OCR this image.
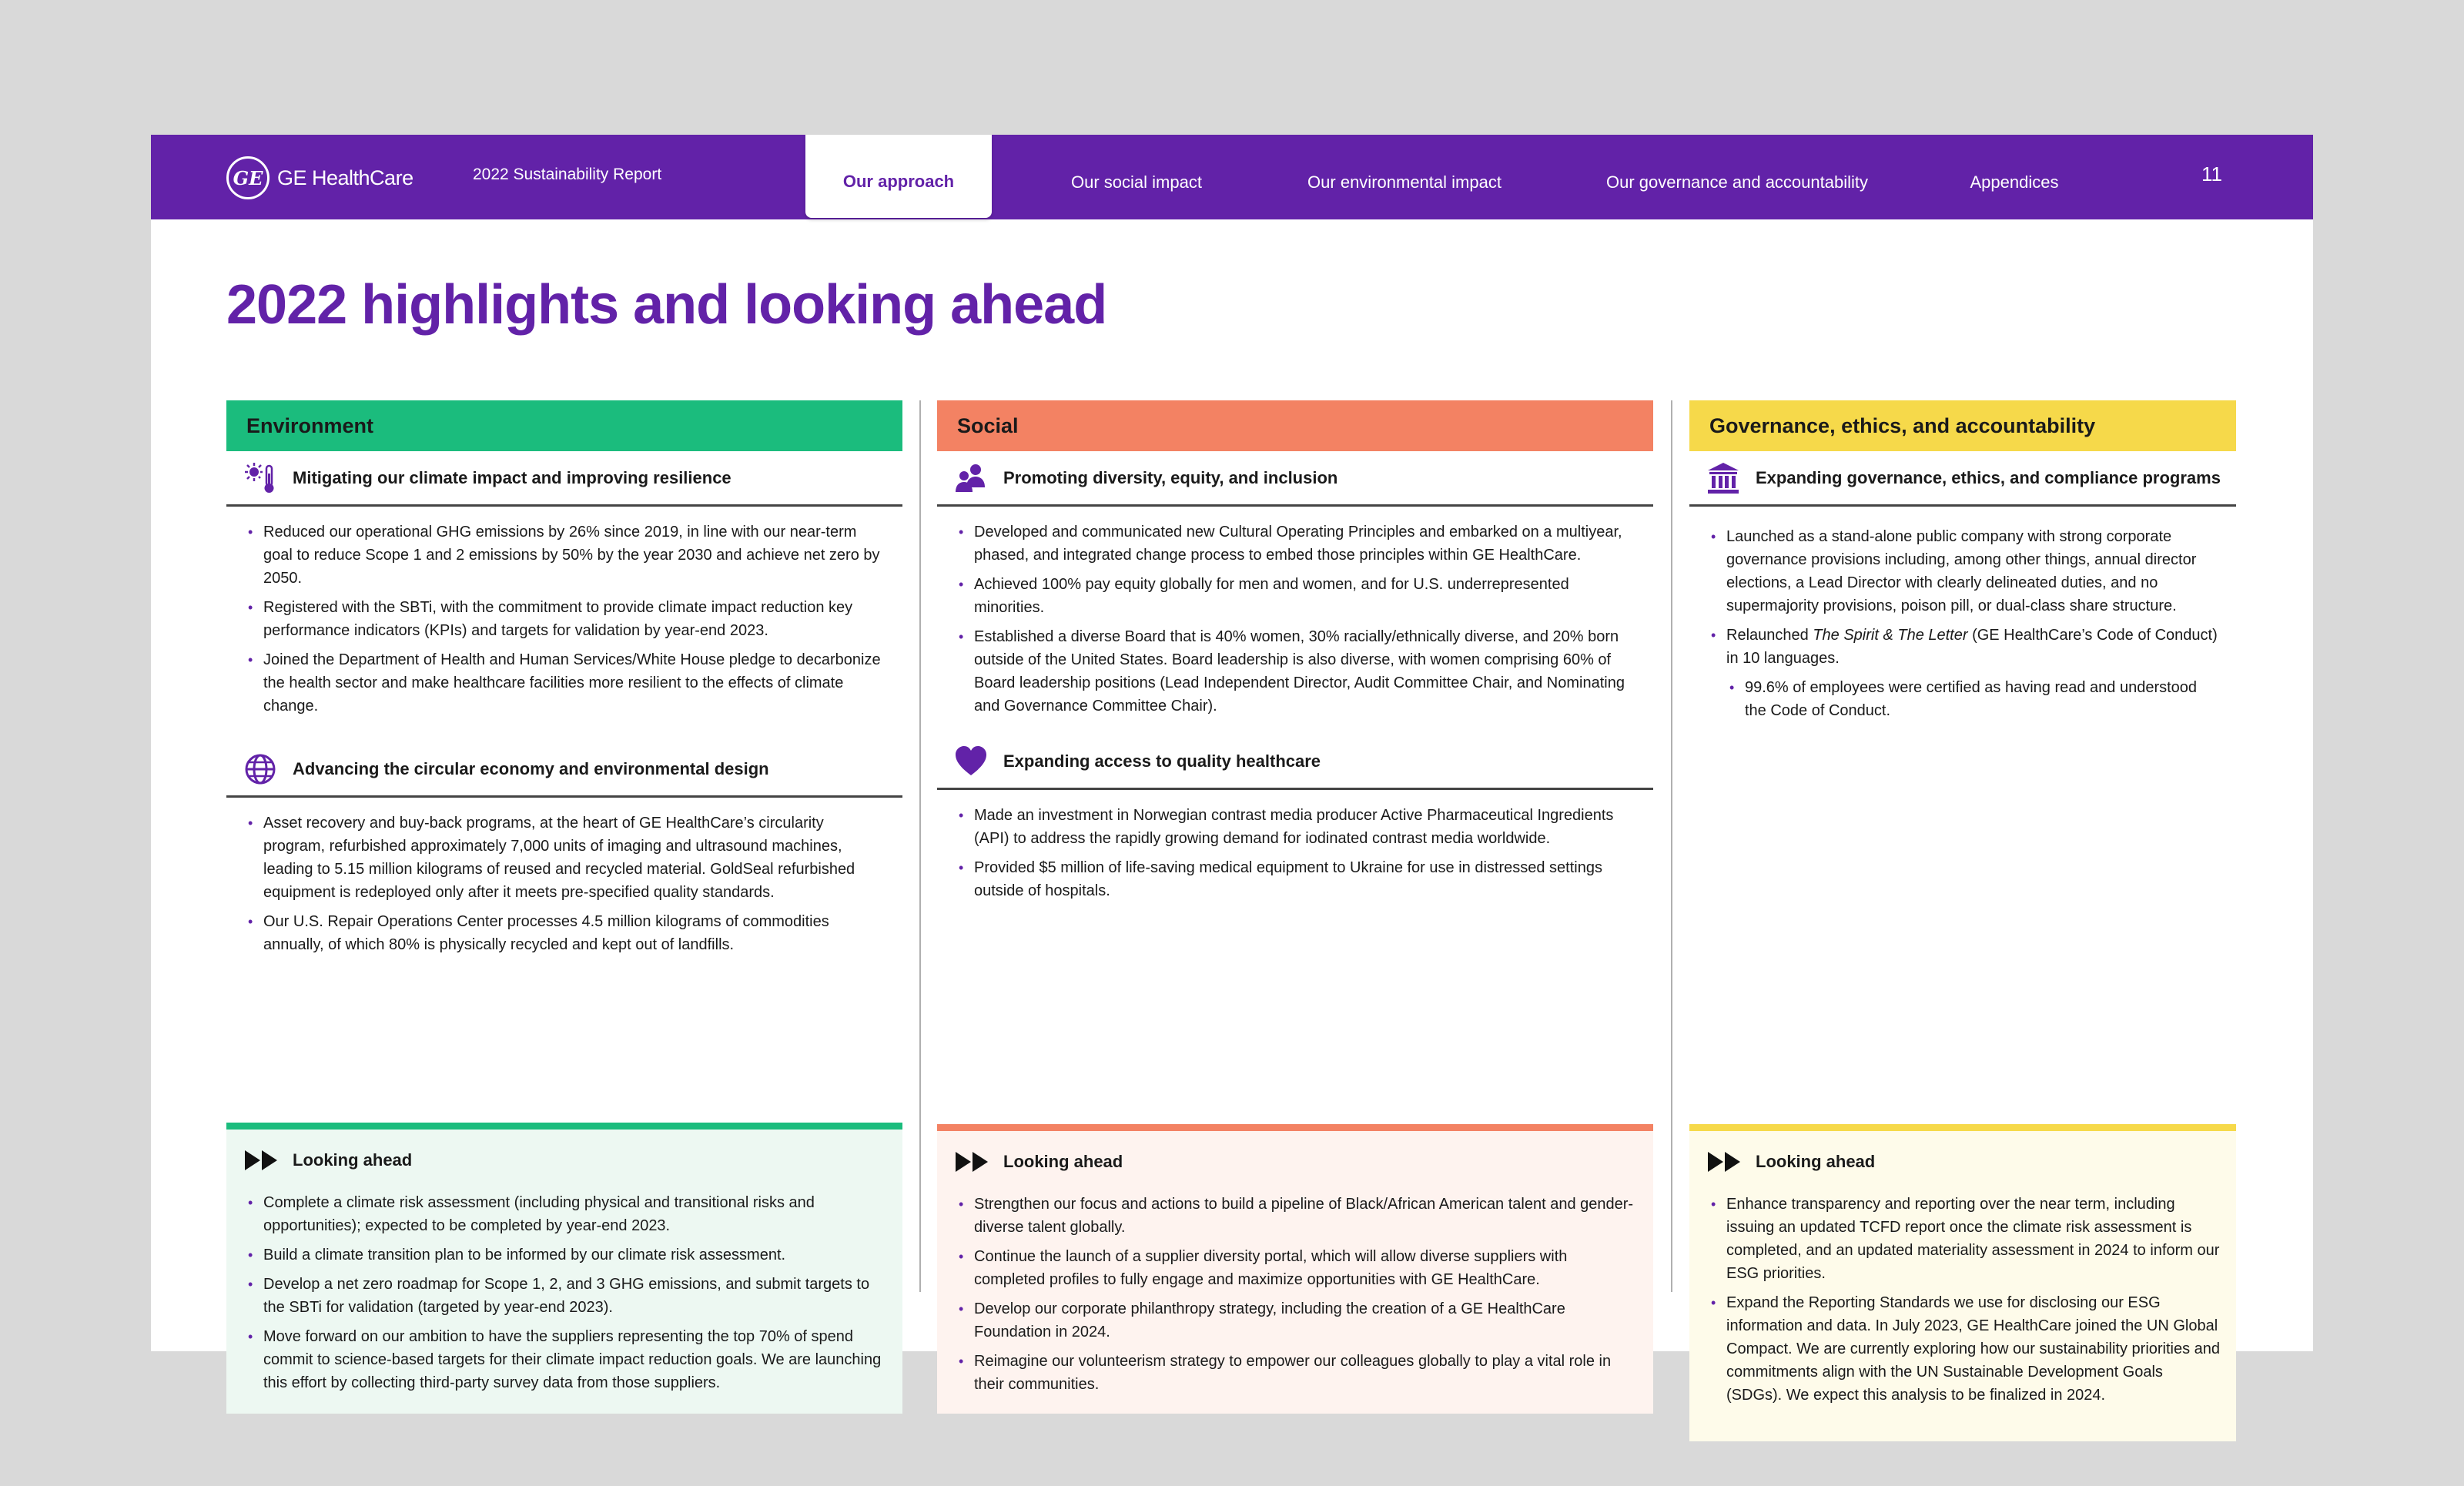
GE GE HealthCare	2022 Sustainability Report	Our approach	Our social impact	Our environmental impact	Our governance and accountability	Appendices	11
2022 highlights and looking ahead
Environment
Mitigating our climate impact and improving resilience
• Reduced our operational GHG emissions by 26% since 2019, in line with our near-term goal to reduce Scope 1 and 2 emissions by 50% by the year 2030 and achieve net zero by 2050.
• Registered with the SBTi, with the commitment to provide climate impact reduction key performance indicators (KPIs) and targets for validation by year-end 2023.
• Joined the Department of Health and Human Services/White House pledge to decarbonize the health sector and make healthcare facilities more resilient to the effects of climate change.
Advancing the circular economy and environmental design
• Asset recovery and buy-back programs, at the heart of GE HealthCare’s circularity program, refurbished approximately 7,000 units of imaging and ultrasound machines, leading to 5.15 million kilograms of reused and recycled material. GoldSeal refurbished equipment is redeployed only after it meets pre-specified quality standards.
• Our U.S. Repair Operations Center processes 4.5 million kilograms of commodities annually, of which 80% is physically recycled and kept out of landfills.
Looking ahead
• Complete a climate risk assessment (including physical and transitional risks and opportunities); expected to be completed by year-end 2023.
• Build a climate transition plan to be informed by our climate risk assessment.
• Develop a net zero roadmap for Scope 1, 2, and 3 GHG emissions, and submit targets to the SBTi for validation (targeted by year-end 2023).
• Move forward on our ambition to have the suppliers representing the top 70% of spend commit to science-based targets for their climate impact reduction goals. We are launching this effort by collecting third-party survey data from those suppliers.
Social
Promoting diversity, equity, and inclusion
• Developed and communicated new Cultural Operating Principles and embarked on a multiyear, phased, and integrated change process to embed those principles within GE HealthCare.
• Achieved 100% pay equity globally for men and women, and for U.S. underrepresented minorities.
• Established a diverse Board that is 40% women, 30% racially/ethnically diverse, and 20% born outside of the United States. Board leadership is also diverse, with women comprising 60% of Board leadership positions (Lead Independent Director, Audit Committee Chair, and Nominating and Governance Committee Chair).
Expanding access to quality healthcare
• Made an investment in Norwegian contrast media producer Active Pharmaceutical Ingredients (API) to address the rapidly growing demand for iodinated contrast media worldwide.
• Provided $5 million of life-saving medical equipment to Ukraine for use in distressed settings outside of hospitals.
Looking ahead
• Strengthen our focus and actions to build a pipeline of Black/African American talent and gender-diverse talent globally.
• Continue the launch of a supplier diversity portal, which will allow diverse suppliers with completed profiles to fully engage and maximize opportunities with GE HealthCare.
• Develop our corporate philanthropy strategy, including the creation of a GE HealthCare Foundation in 2024.
• Reimagine our volunteerism strategy to empower our colleagues globally to play a vital role in their communities.
Governance, ethics, and accountability
Expanding governance, ethics, and compliance programs
• Launched as a stand-alone public company with strong corporate governance provisions including, among other things, annual director elections, a Lead Director with clearly delineated duties, and no supermajority provisions, poison pill, or dual-class share structure.
• Relaunched The Spirit & The Letter (GE HealthCare’s Code of Conduct) in 10 languages.
• 99.6% of employees were certified as having read and understood the Code of Conduct.
Looking ahead
• Enhance transparency and reporting over the near term, including issuing an updated TCFD report once the climate risk assessment is completed, and an updated materiality assessment in 2024 to inform our ESG priorities.
• Expand the Reporting Standards we use for disclosing our ESG information and data. In July 2023, GE HealthCare joined the UN Global Compact. We are currently exploring how our sustainability priorities and commitments align with the UN Sustainable Development Goals (SDGs). We expect this analysis to be finalized in 2024.
